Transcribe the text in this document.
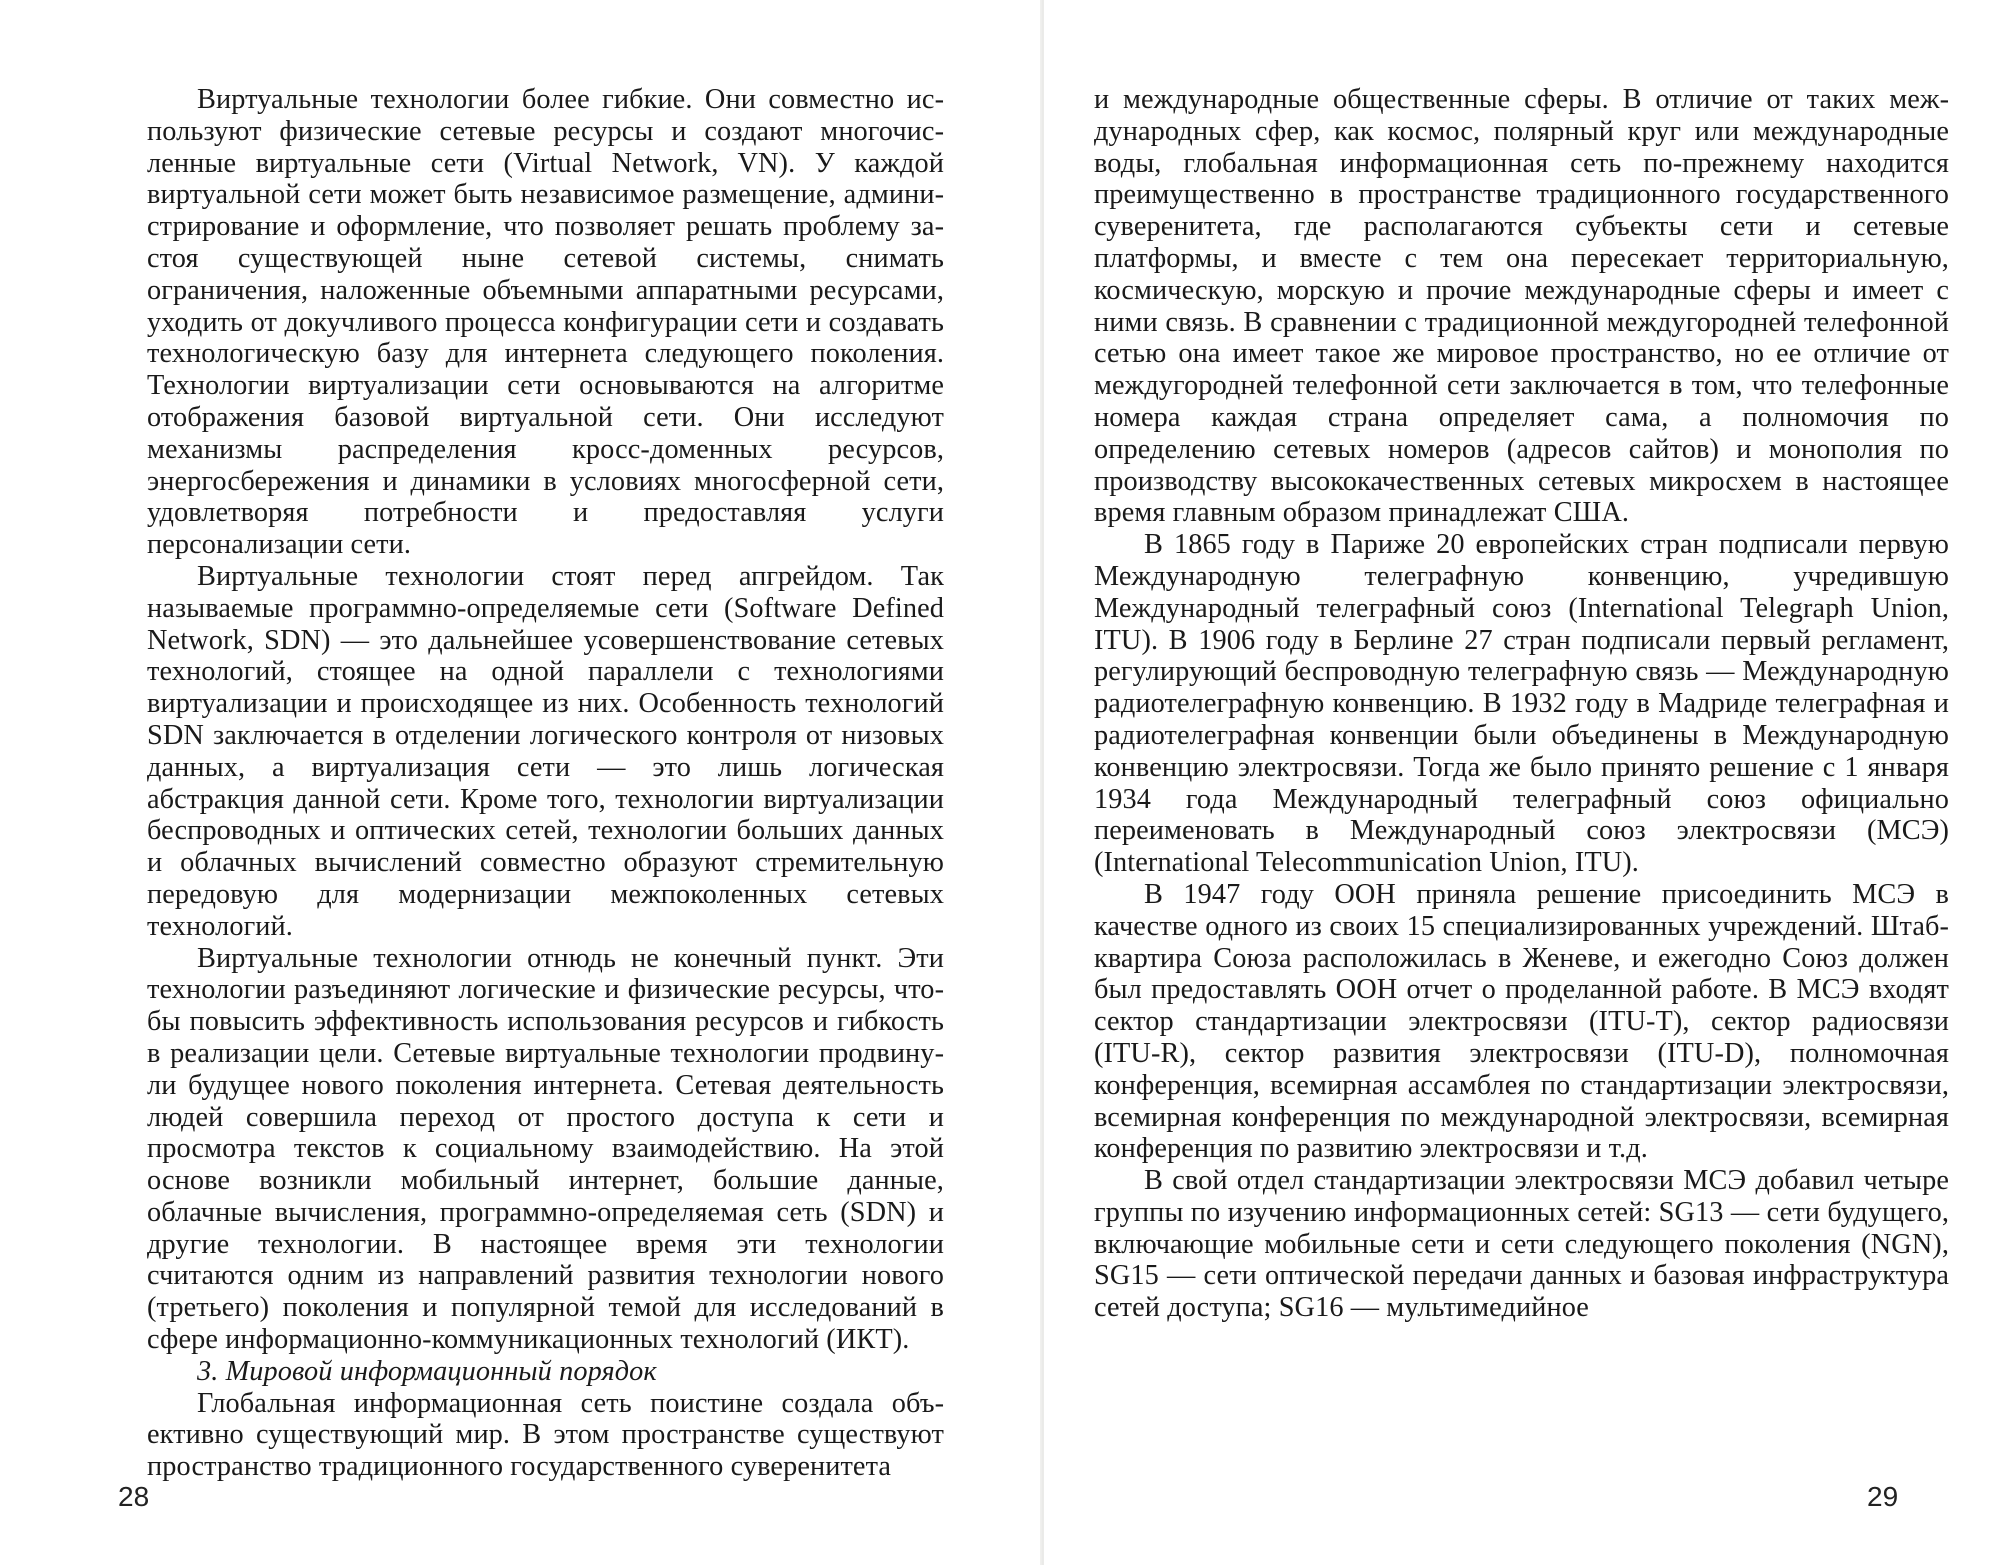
Виртуальные технологии более гибкие. Они совместно используют физические сетевые ресурсы и создают многочисленные виртуальные сети (Virtual Network, VN). У каждой виртуальной сети может быть независимое размещение, администрирование и оформление, что позволяет решать проблему застоя существующей ныне сетевой системы, снимать ограничения, наложенные объемными аппаратными ресурсами, уходить от докучливого процесса конфигурации сети и создавать технологическую базу для интернета следующего поколения. Технологии виртуализации сети основываются на алгоритме отображения базовой виртуальной сети. Они исследуют механизмы распределения кросс-доменных ресурсов, энергосбережения и динамики в условиях многосферной сети, удовлетворяя потребности и предоставляя услуги персонализации сети.

Виртуальные технологии стоят перед апгрейдом. Так называемые программно-определяемые сети (Software Defined Network, SDN) — это дальнейшее усовершенствование сетевых технологий, стоящее на одной параллели с технологиями виртуализации и происходящее из них. Особенность технологий SDN заключается в отделении логического контроля от низовых данных, а виртуализация сети — это лишь логическая абстракция данной сети. Кроме того, технологии виртуализации беспроводных и оптических сетей, технологии больших данных и облачных вычислений совместно образуют стремительную передовую для модернизации межпоколенных сетевых технологий.

Виртуальные технологии отнюдь не конечный пункт. Эти технологии разъединяют логические и физические ресурсы, чтобы повысить эффективность использования ресурсов и гибкость в реализации цели. Сетевые виртуальные технологии продвинули будущее нового поколения интернета. Сетевая деятельность людей совершила переход от простого доступа к сети и просмотра текстов к социальному взаимодействию. На этой основе возникли мобильный интернет, большие данные, облачные вычисления, программно-определяемая сеть (SDN) и другие технологии. В настоящее время эти технологии считаются одним из направлений развития технологии нового (третьего) поколения и популярной темой для исследований в сфере информационно-коммуникационных технологий (ИКТ).

3. Мировой информационный порядок

Глобальная информационная сеть поистине создала объективно существующий мир. В этом пространстве существуют пространство традиционного государственного суверенитета

28

и международные общественные сферы. В отличие от таких международных сфер, как космос, полярный круг или международные воды, глобальная информационная сеть по-прежнему находится преимущественно в пространстве традиционного государственного суверенитета, где располагаются субъекты сети и сетевые платформы, и вместе с тем она пересекает территориальную, космическую, морскую и прочие международные сферы и имеет с ними связь. В сравнении с традиционной междугородней телефонной сетью она имеет такое же мировое пространство, но ее отличие от междугородней телефонной сети заключается в том, что телефонные номера каждая страна определяет сама, а полномочия по определению сетевых номеров (адресов сайтов) и монополия по производству высококачественных сетевых микросхем в настоящее время главным образом принадлежат США.

В 1865 году в Париже 20 европейских стран подписали первую Международную телеграфную конвенцию, учредившую Международный телеграфный союз (International Telegraph Union, ITU). В 1906 году в Берлине 27 стран подписали первый регламент, регулирующий беспроводную телеграфную связь — Международную радиотелеграфную конвенцию. В 1932 году в Мадриде телеграфная и радиотелеграфная конвенции были объединены в Международную конвенцию электросвязи. Тогда же было принято решение с 1 января 1934 года Международный телеграфный союз официально переименовать в Международный союз электросвязи (МСЭ) (International Telecommunication Union, ITU).

В 1947 году ООН приняла решение присоединить МСЭ в качестве одного из своих 15 специализированных учреждений. Штаб-квартира Союза расположилась в Женеве, и ежегодно Союз должен был предоставлять ООН отчет о проделанной работе. В МСЭ входят сектор стандартизации электросвязи (ITU-T), сектор радиосвязи (ITU-R), сектор развития электросвязи (ITU-D), полномочная конференция, всемирная ассамблея по стандартизации электросвязи, всемирная конференция по международной электросвязи, всемирная конференция по развитию электросвязи и т.д.

В свой отдел стандартизации электросвязи МСЭ добавил четыре группы по изучению информационных сетей: SG13 — сети будущего, включающие мобильные сети и сети следующего поколения (NGN), SG15 — сети оптической передачи данных и базовая инфраструктура сетей доступа; SG16 — мультимедийное

29
